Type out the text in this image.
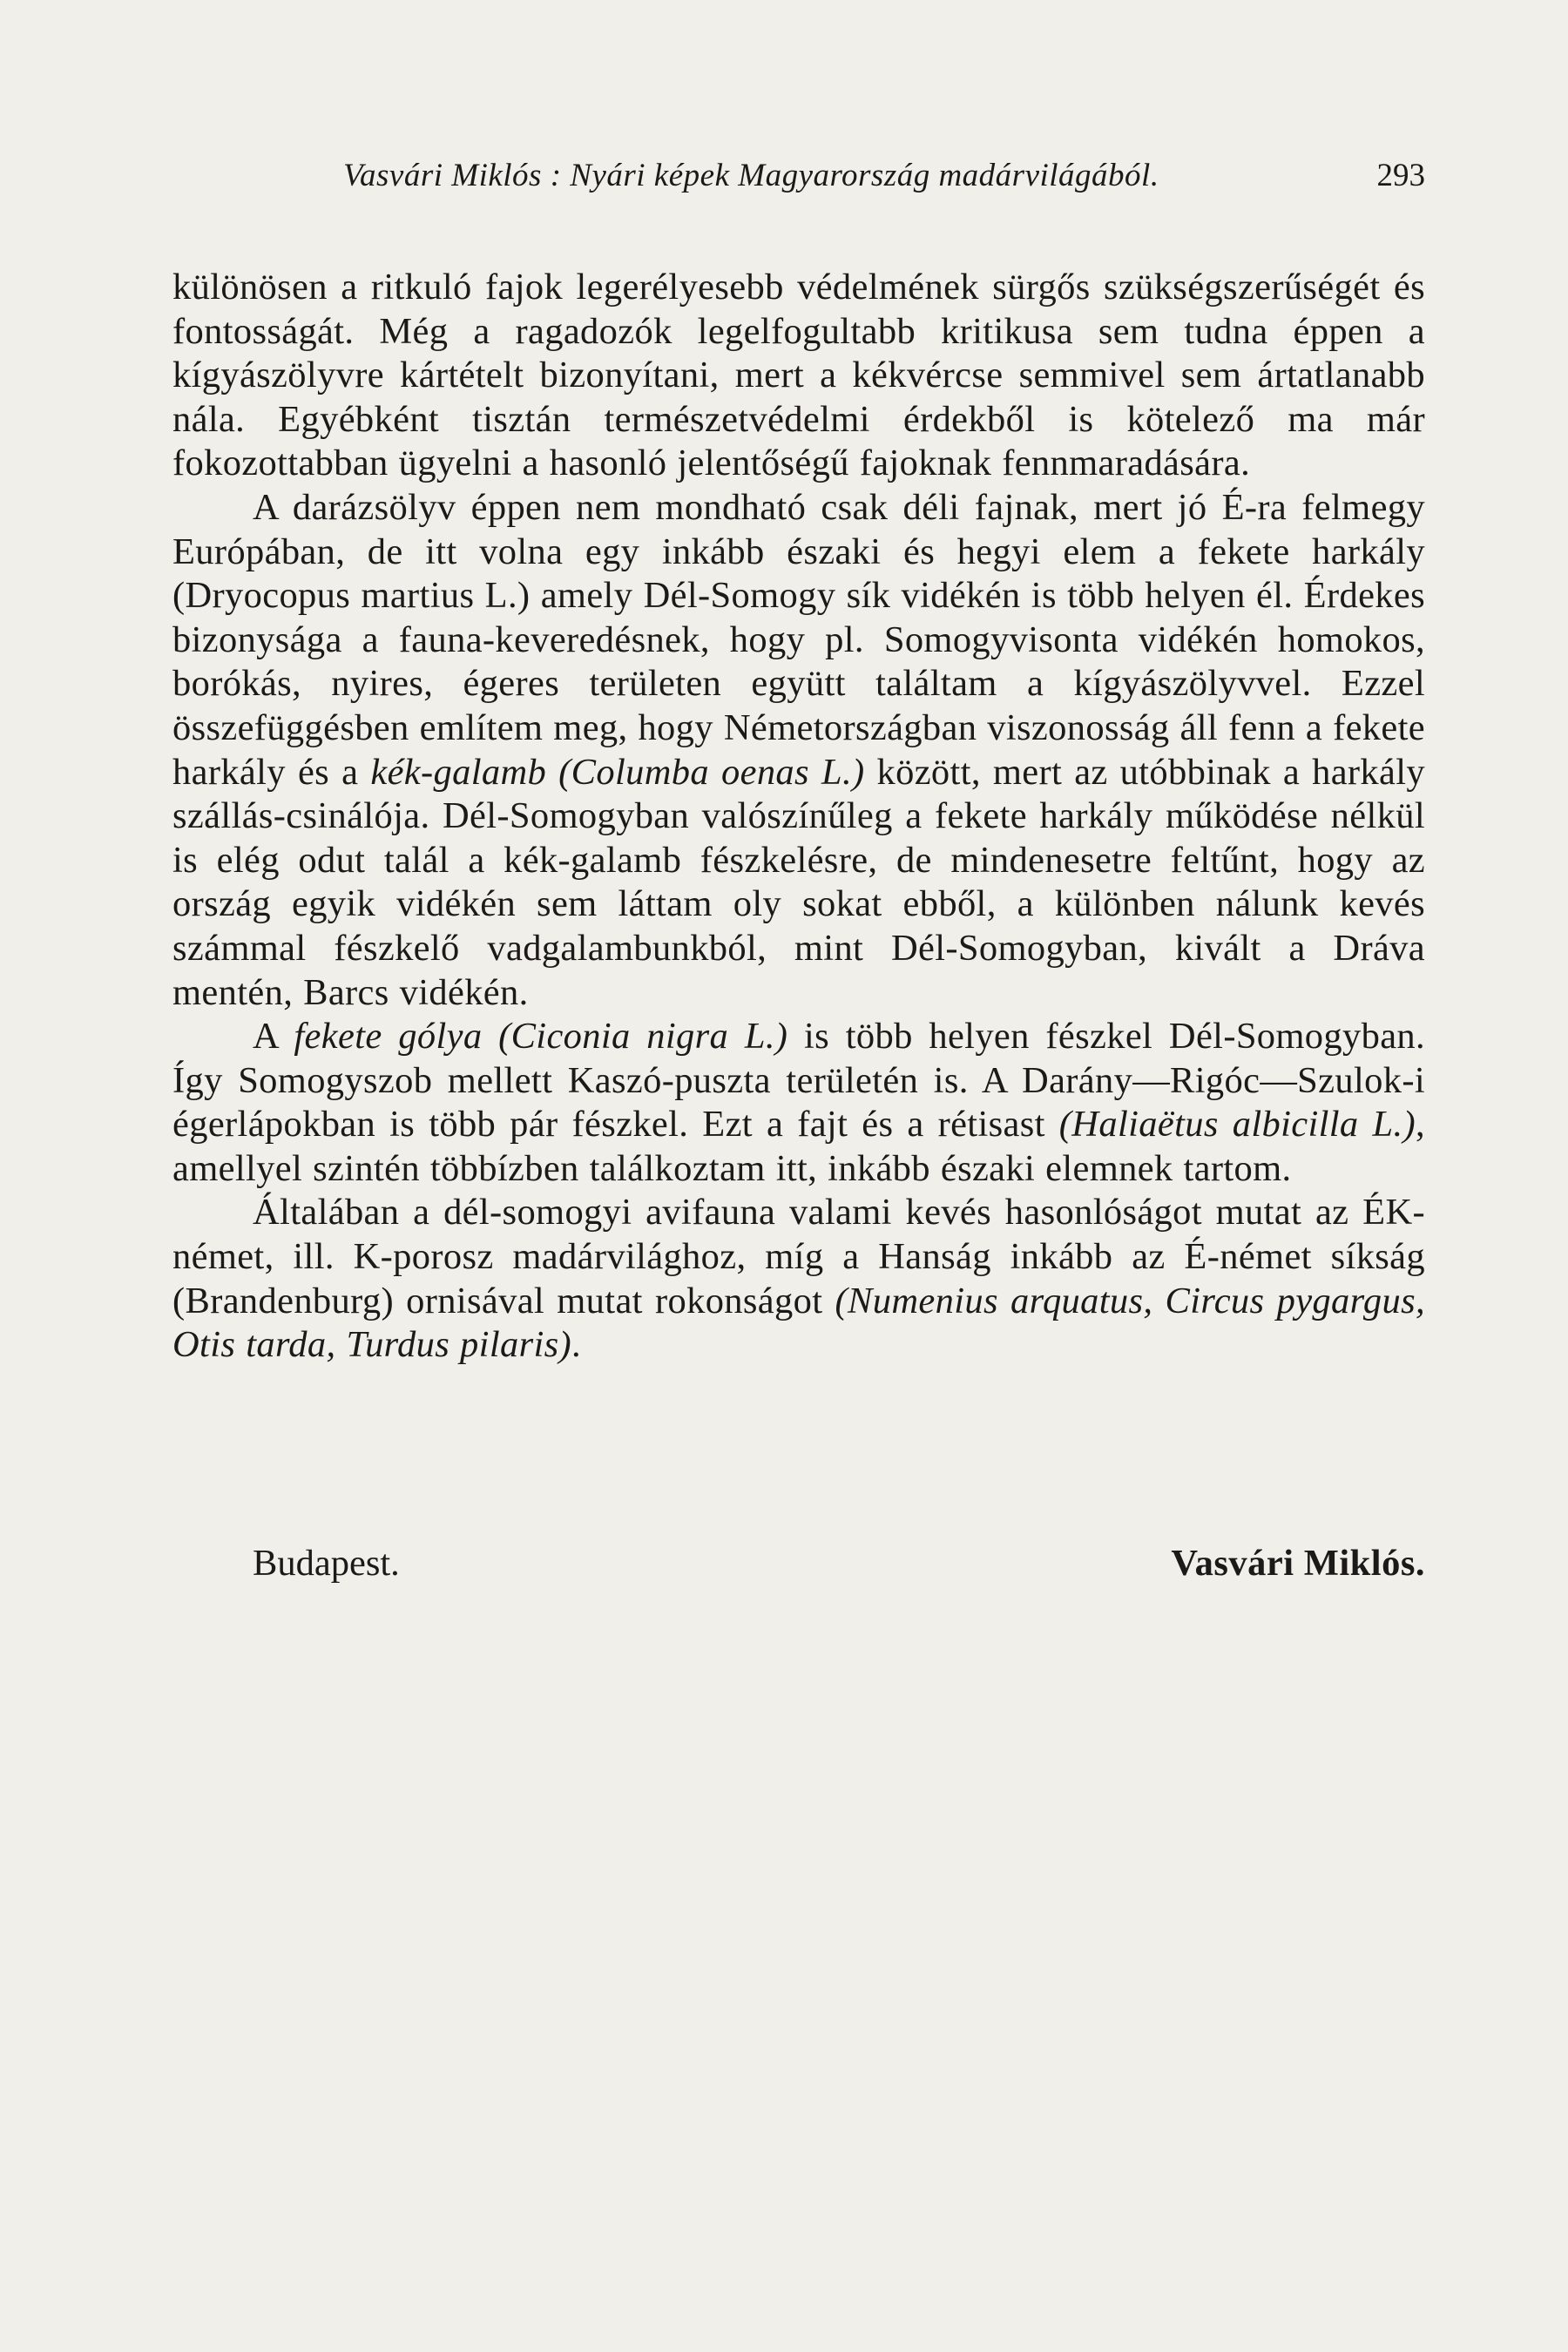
Vasvári Miklós : Nyári képek Magyarország madárvilágából.	293

különösen a ritkuló fajok legerélyesebb védelmének sürgős szükségszerűségét és fontosságát. Még a ragadozók legelfogultabb kritikusa sem tudna éppen a kígyászölyvre kártételt bizonyítani, mert a kékvércse semmivel sem ártatlanabb nála. Egyébként tisztán természetvédelmi érdekből is kötelező ma már fokozottabban ügyelni a hasonló jelentőségű fajoknak fennmaradására.

A darázsölyv éppen nem mondható csak déli fajnak, mert jó É-ra felmegy Európában, de itt volna egy inkább északi és hegyi elem a fekete harkály (Dryocopus martius L.) amely Dél-Somogy sík vidékén is több helyen él. Érdekes bizonysága a fauna-keveredésnek, hogy pl. Somogyvisonta vidékén homokos, borókás, nyires, égeres területen együtt találtam a kígyászölyvvel. Ezzel összefüggésben említem meg, hogy Németországban viszonosság áll fenn a fekete harkály és a kék-galamb (Columba oenas L.) között, mert az utóbbinak a harkály szállás-csinálója. Dél-Somogyban valószínűleg a fekete harkály működése nélkül is elég odut talál a kék-galamb fészkelésre, de mindenesetre feltűnt, hogy az ország egyik vidékén sem láttam oly sokat ebből, a különben nálunk kevés számmal fészkelő vadgalambunkból, mint Dél-Somogyban, kivált a Dráva mentén, Barcs vidékén.

A fekete gólya (Ciconia nigra L.) is több helyen fészkel Dél-Somogyban. Így Somogyszob mellett Kaszó-puszta területén is. A Darány—Rigóc—Szulok-i égerlápokban is több pár fészkel. Ezt a fajt és a rétisast (Haliaëtus albicilla L.), amellyel szintén többízben találkoztam itt, inkább északi elemnek tartom.

Általában a dél-somogyi avifauna valami kevés hasonlóságot mutat az ÉK-német, ill. K-porosz madárvilághoz, míg a Hanság inkább az É-német síkság (Brandenburg) ornisával mutat rokonságot (Numenius arquatus, Circus pygargus, Otis tarda, Turdus pilaris).

Budapest.	Vasvári Miklós.
